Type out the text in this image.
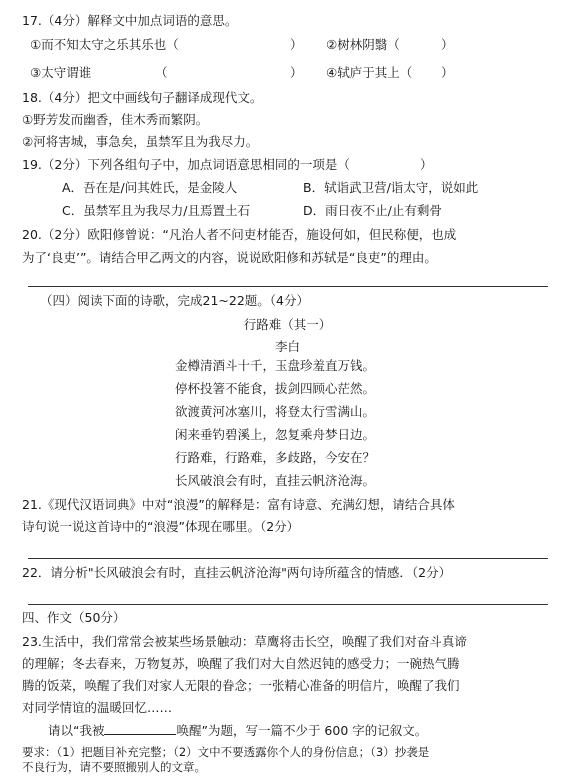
17.（4分）解释文中加点词语的意思。
①而不知太守之乐其乐也（	） ②树林阴翳（	）
③太守谓谁	（	） ④轼庐于其上（ ）
18.（4分）把文中画线句子翻译成现代文。
①野芳发而幽香，佳木秀而繁阴。
②河将害城，事急矣，虽禁军且为我尽力。
19.（2分）下列各组句子中，加点词语意思相同的一项是（	）
A．吾在是/问其姓氏，是金陵人	B．轼诣武卫营/诣太守，说如此
C．虽禁军且为我尽力/且焉置土石	D．雨日夜不止/止有剩骨
20.（2分）欧阳修曾说：“凡治人者不问吏材能否，施设何如，但民称便，也成
为了‘良吏’”。请结合甲乙两文的内容，说说欧阳修和苏轼是“良吏”的理由。
（四）阅读下面的诗歌，完成21~22题。（4分）
行路难（其一）
李白
金樽清酒斗十千，玉盘珍羞直万钱。
停杯投箸不能食，拔剑四顾心茫然。
欲渡黄河冰塞川，将登太行雪满山。
闲来垂钓碧溪上，忽复乘舟梦日边。
行路难，行路难，多歧路，今安在？
长风破浪会有时，直挂云帆济沧海。
21.《现代汉语词典》中对“浪漫”的解释是：富有诗意、充满幻想，请结合具体
诗句说一说这首诗中的“浪漫”体现在哪里。（2分）
22．请分析"长风破浪会有时，直挂云帆济沧海"两句诗所蕴含的情感．（2分）
四、作文（50分）
23.生活中，我们常常会被某些场景触动：草鹰将击长空，唤醒了我们对奋斗真谛
的理解；冬去春来，万物复苏，唤醒了我们对大自然迟钝的感受力；一碗热气腾
腾的饭菜，唤醒了我们对家人无限的眷念；一张精心准备的明信片，唤醒了我们
对同学情谊的温暖回忆……
请以“我被	唤醒”为题，写一篇不少于 600 字的记叙文。
要求：（1）把题目补充完整；（2）文中不要透露你个人的身份信息；（3）抄袭是
不良行为，请不要照搬别人的文章。
